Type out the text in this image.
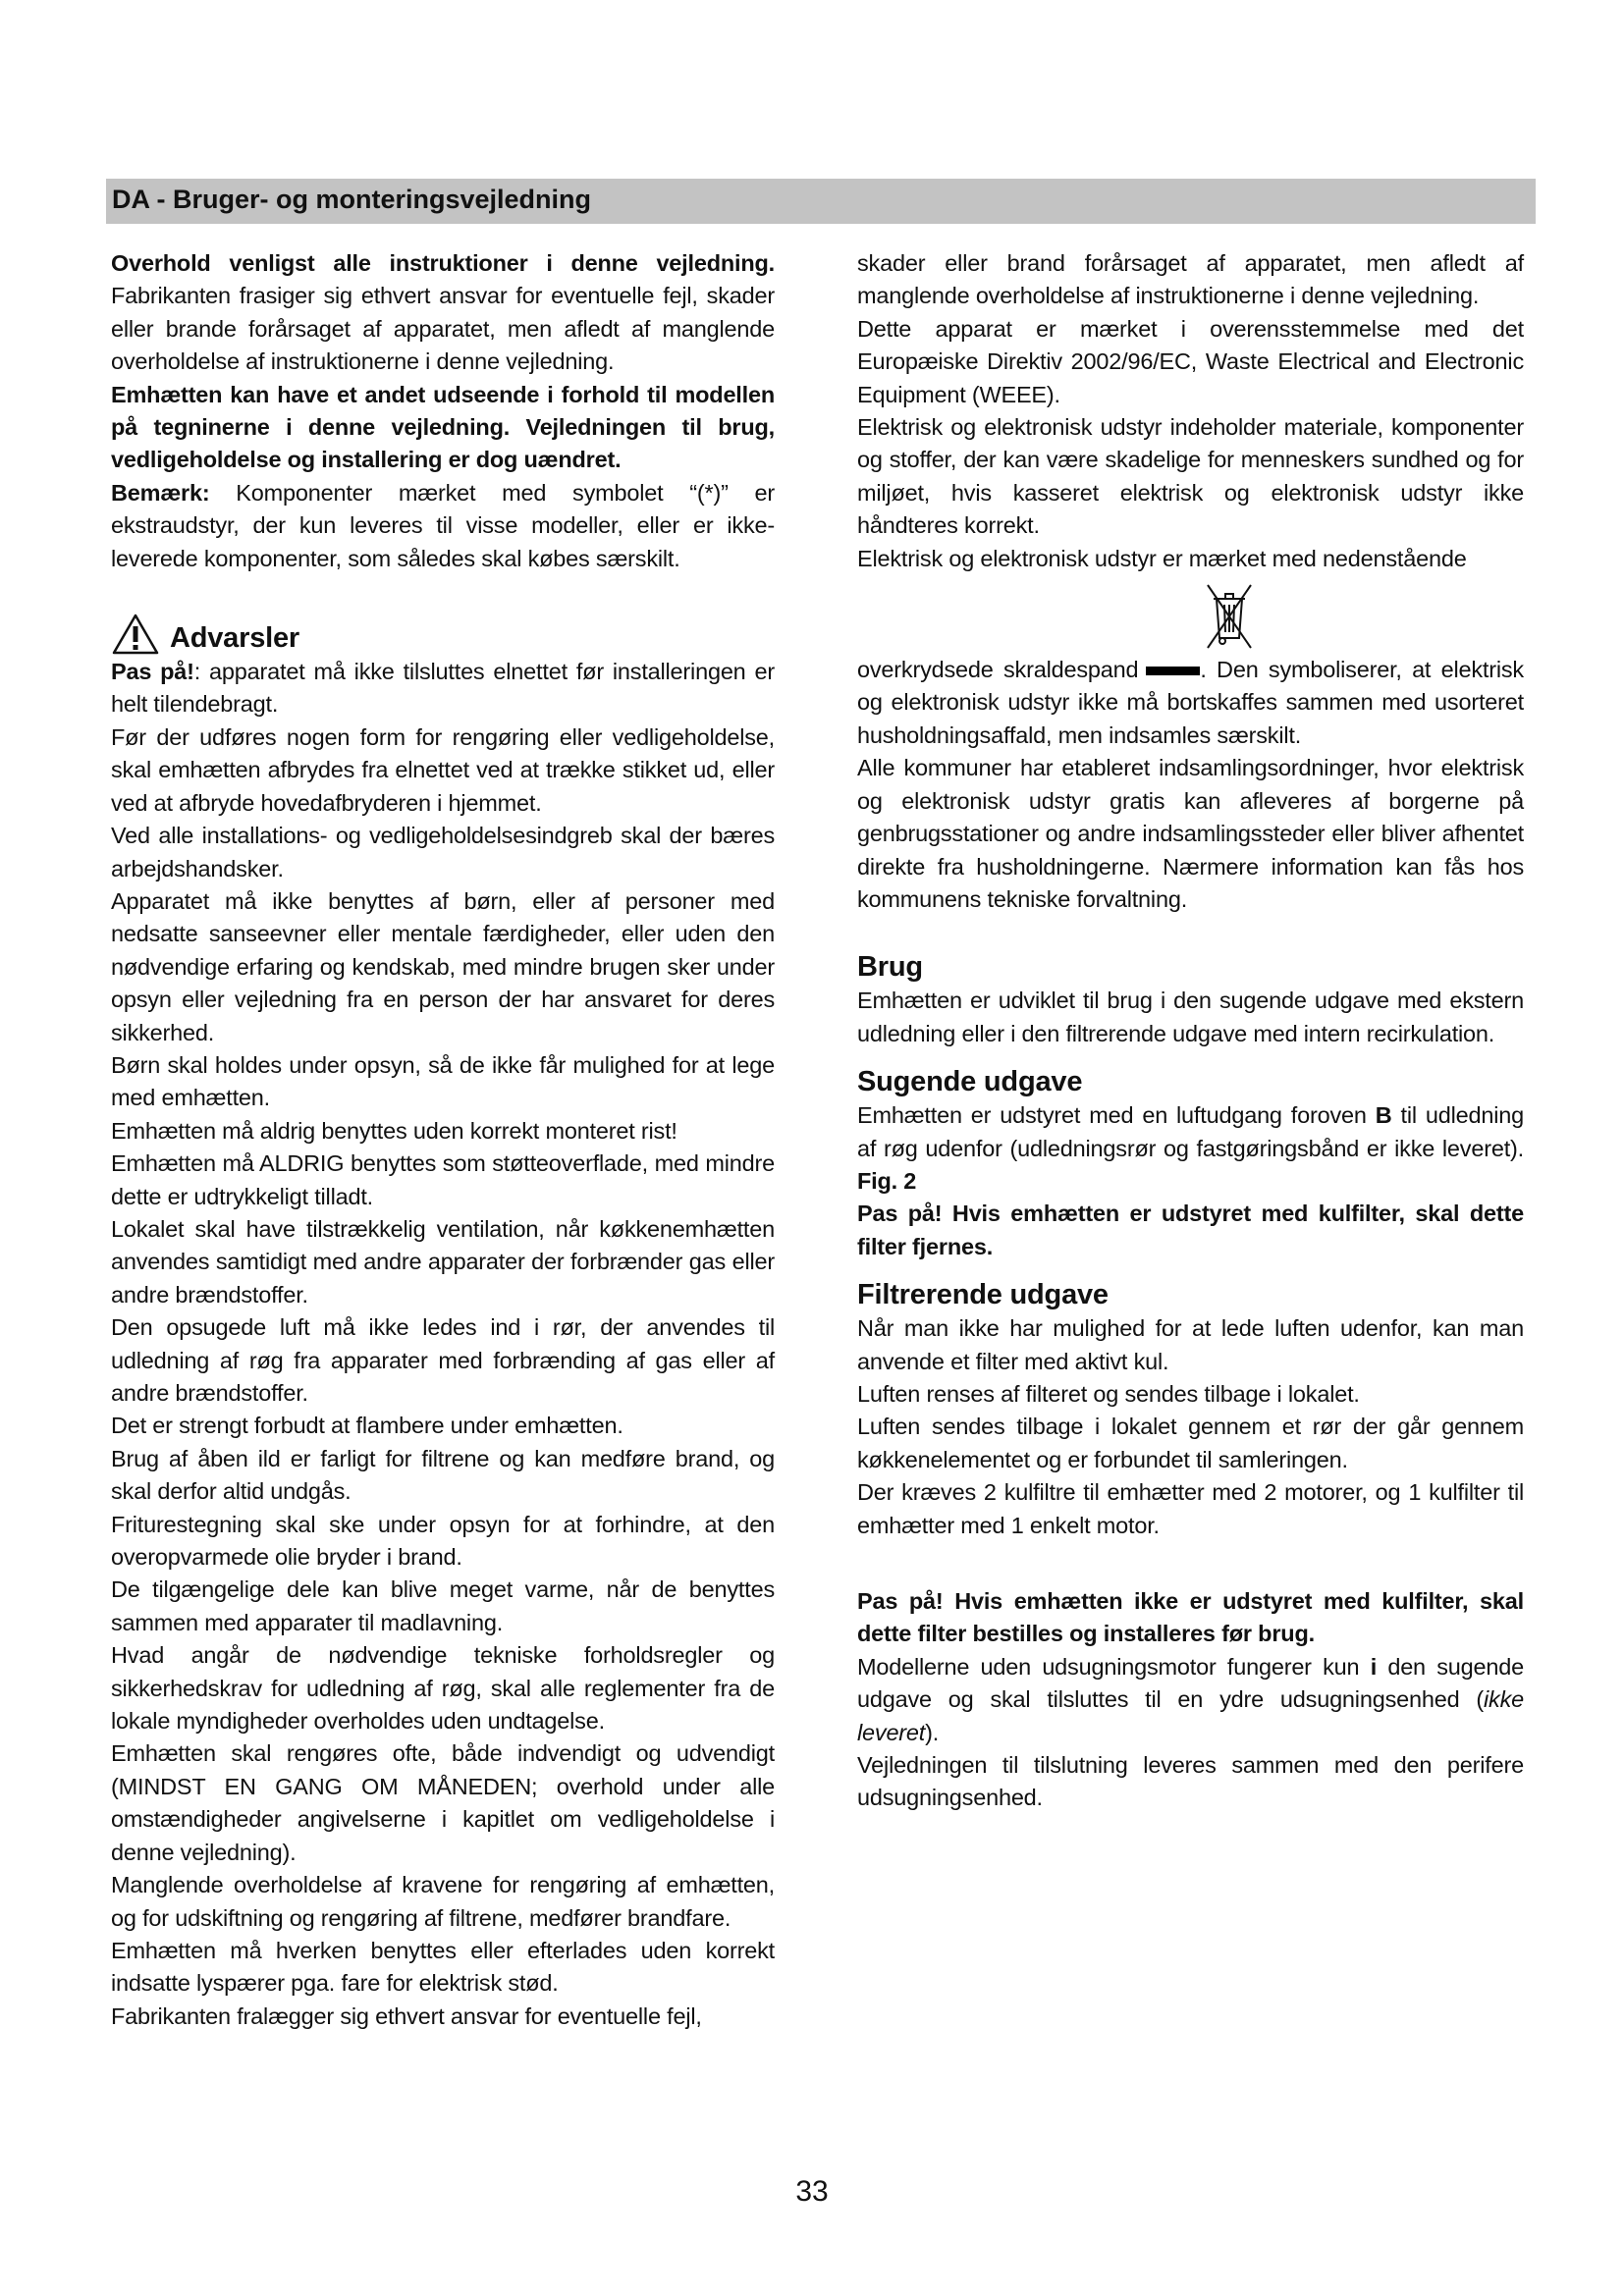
DA - Bruger- og monteringsvejledning

Overhold venligst alle instruktioner i denne vejledning. Fabrikanten frasiger sig ethvert ansvar for eventuelle fejl, skader eller brande forårsaget af apparatet, men afledt af manglende overholdelse af instruktionerne i denne vejledning.

Emhætten kan have et andet udseende i forhold til modellen på tegninerne i denne vejledning. Vejledningen til brug, vedligeholdelse og installering er dog uændret.

Bemærk: Komponenter mærket med symbolet “(*)” er ekstraudstyr, der kun leveres til visse modeller, eller er ikke-leverede komponenter, som således skal købes særskilt.

Advarsler

Pas på!: apparatet må ikke tilsluttes elnettet før installeringen er helt tilendebragt.

Før der udføres nogen form for rengøring eller vedligeholdelse, skal emhætten afbrydes fra elnettet ved at trække stikket ud, eller ved at afbryde hovedafbryderen i hjemmet.

Ved alle installations- og vedligeholdelsesindgreb skal der bæres arbejdshandsker.

Apparatet må ikke benyttes af børn, eller af personer med nedsatte sanseevner eller mentale færdigheder, eller uden den nødvendige erfaring og kendskab, med mindre brugen sker under opsyn eller vejledning fra en person der har ansvaret for deres sikkerhed.

Børn skal holdes under opsyn, så de ikke får mulighed for at lege med emhætten.

Emhætten må aldrig benyttes uden korrekt monteret rist!

Emhætten må ALDRIG benyttes som støtteoverflade, med mindre dette er udtrykkeligt tilladt.

Lokalet skal have tilstrækkelig ventilation, når køkkenemhætten anvendes samtidigt med andre apparater der forbrænder gas eller andre brændstoffer.

Den opsugede luft må ikke ledes ind i rør, der anvendes til udledning af røg fra apparater med forbrænding af gas eller af andre brændstoffer.

Det er strengt forbudt at flambere under emhætten.

Brug af åben ild er farligt for filtrene og kan medføre brand, og skal derfor altid undgås.

Friturestegning skal ske under opsyn for at forhindre, at den overopvarmede olie bryder i brand.

De tilgængelige dele kan blive meget varme, når de benyttes sammen med apparater til madlavning.

Hvad angår de nødvendige tekniske forholdsregler og sikkerhedskrav for udledning af røg, skal alle reglementer fra de lokale myndigheder overholdes uden undtagelse.

Emhætten skal rengøres ofte, både indvendigt og udvendigt (MINDST EN GANG OM MÅNEDEN; overhold under alle omstændigheder angivelserne i kapitlet om vedligeholdelse i denne vejledning).

Manglende overholdelse af kravene for rengøring af emhætten, og for udskiftning og rengøring af filtrene, medfører brandfare.

Emhætten må hverken benyttes eller efterlades uden korrekt indsatte lyspærer pga. fare for elektrisk stød.

Fabrikanten fralægger sig ethvert ansvar for eventuelle fejl,

skader eller brand forårsaget af apparatet, men afledt af manglende overholdelse af instruktionerne i denne vejledning.

Dette apparat er mærket i overensstemmelse med det Europæiske Direktiv 2002/96/EC, Waste Electrical and Electronic Equipment (WEEE).

Elektrisk og elektronisk udstyr indeholder materiale, komponenter og stoffer, der kan være skadelige for menneskers sundhed og for miljøet, hvis kasseret elektrisk og elektronisk udstyr ikke håndteres korrekt.

Elektrisk og elektronisk udstyr er mærket med nedenstående

overkrydsede skraldespand	. Den symboliserer, at elektrisk og elektronisk udstyr ikke må bortskaffes sammen med usorteret husholdningsaffald, men indsamles særskilt.

Alle kommuner har etableret indsamlingsordninger, hvor elektrisk og elektronisk udstyr gratis kan afleveres af borgerne på genbrugsstationer og andre indsamlingssteder eller bliver afhentet direkte fra husholdningerne. Nærmere information kan fås hos kommunens tekniske forvaltning.

Brug

Emhætten er udviklet til brug i den sugende udgave med ekstern udledning eller i den filtrerende udgave med intern recirkulation.

Sugende udgave

Emhætten er udstyret med en luftudgang foroven B til udledning af røg udenfor (udledningsrør og fastgøringsbånd er ikke leveret). Fig. 2

Pas på! Hvis emhætten er udstyret med kulfilter, skal dette filter fjernes.

Filtrerende udgave

Når man ikke har mulighed for at lede luften udenfor, kan man anvende et filter med aktivt kul.

Luften renses af filteret og sendes tilbage i lokalet.

Luften sendes tilbage i lokalet gennem et rør der går gennem køkkenelementet og er forbundet til samleringen.

Der kræves 2 kulfiltre til emhætter med 2 motorer, og 1 kulfilter til emhætter med 1 enkelt motor.

Pas på! Hvis emhætten ikke er udstyret med kulfilter, skal dette filter bestilles og installeres før brug.

Modellerne uden udsugningsmotor fungerer kun i den sugende udgave og skal tilsluttes til en ydre udsugningsenhed (ikke leveret).

Vejledningen til tilslutning leveres sammen med den perifere udsugningsenhed.

33
